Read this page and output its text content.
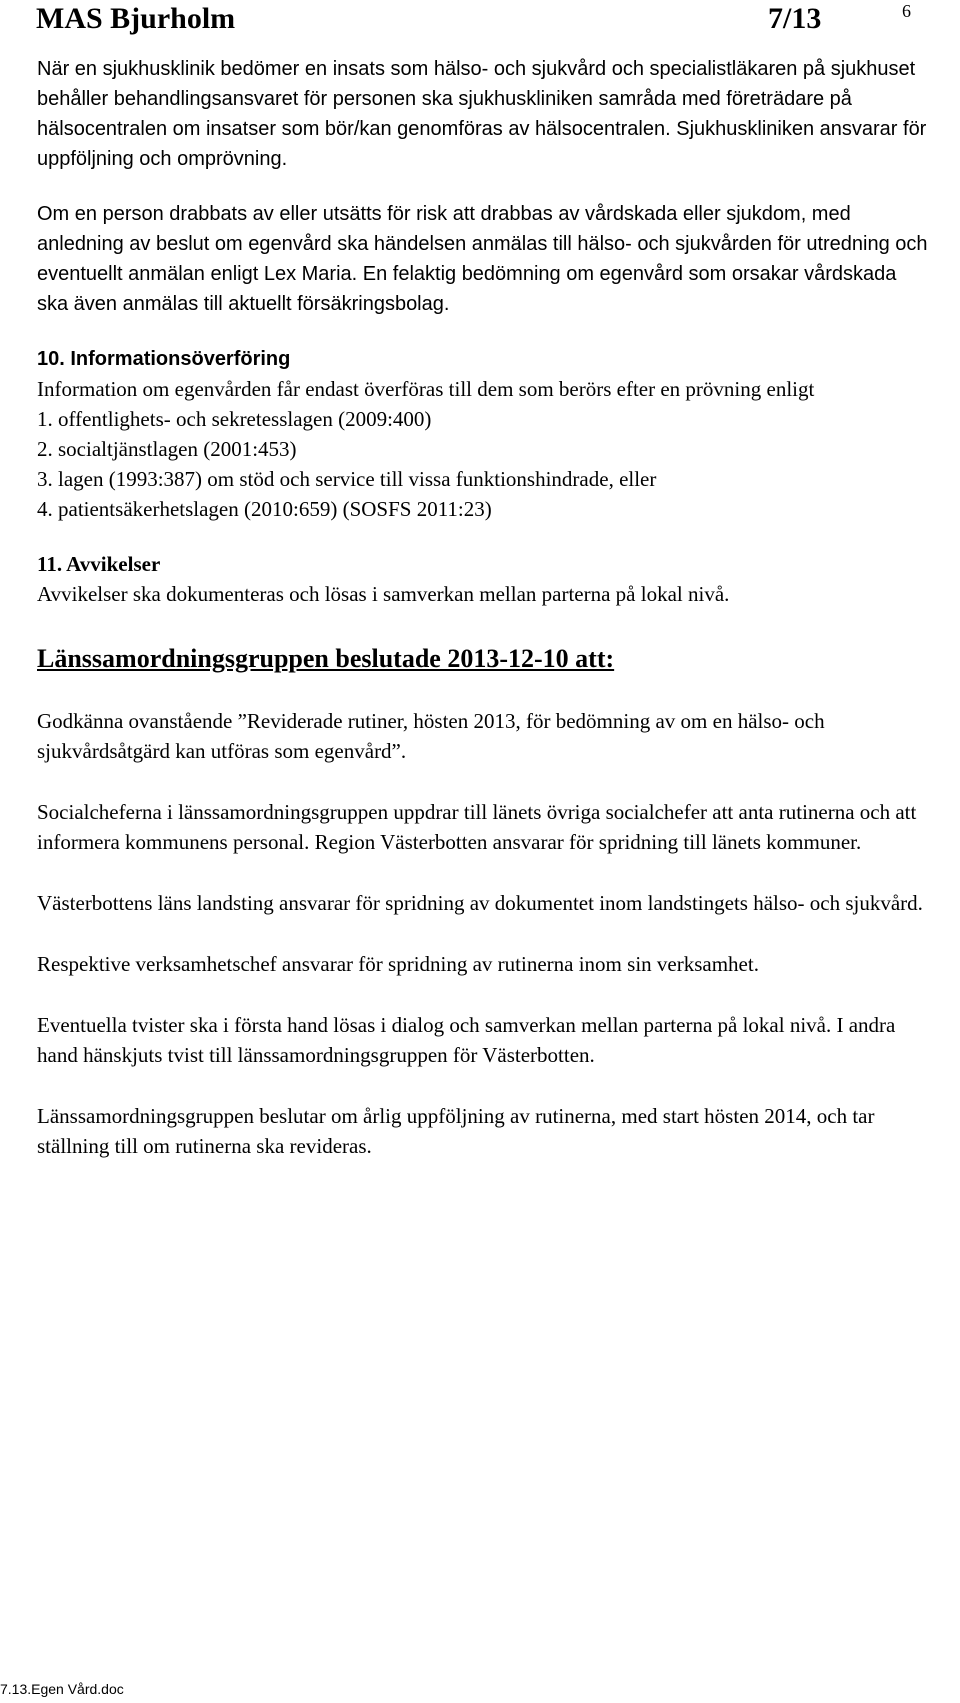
MAS Bjurholm	7/13	6

När en sjukhusklinik bedömer en insats som hälso- och sjukvård och specialistläkaren på sjukhuset behåller behandlingsansvaret för personen ska sjukhuskliniken samråda med företrädare på hälsocentralen om insatser som bör/kan genomföras av hälsocentralen. Sjukhuskliniken ansvarar för uppföljning och omprövning.

Om en person drabbats av eller utsätts för risk att drabbas av vårdskada eller sjukdom, med anledning av beslut om egenvård ska händelsen anmälas till hälso- och sjukvården för utredning och eventuellt anmälan enligt Lex Maria. En felaktig bedömning om egenvård som orsakar vårdskada ska även anmälas till aktuellt försäkringsbolag.

10. Informationsöverföring

Information om egenvården får endast överföras till dem som berörs efter en prövning enligt

1. offentlighets- och sekretesslagen (2009:400)
2. socialtjänstlagen (2001:453)
3. lagen (1993:387) om stöd och service till vissa funktionshindrade, eller
4. patientsäkerhetslagen (2010:659) (SOSFS 2011:23)

11. Avvikelser

Avvikelser ska dokumenteras och lösas i samverkan mellan parterna på lokal nivå.

Länssamordningsgruppen beslutade 2013-12-10 att:

Godkänna ovanstående ”Reviderade rutiner, hösten 2013, för bedömning av om en hälso- och sjukvårdsåtgärd kan utföras som egenvård”.

Socialcheferna i länssamordningsgruppen uppdrar till länets övriga socialchefer att anta rutinerna och att informera kommunens personal. Region Västerbotten ansvarar för spridning till länets kommuner.

Västerbottens läns landsting ansvarar för spridning av dokumentet inom landstingets hälso- och sjukvård.

Respektive verksamhetschef ansvarar för spridning av rutinerna inom sin verksamhet.

Eventuella tvister ska i första hand lösas i dialog och samverkan mellan parterna på lokal nivå. I andra hand hänskjuts tvist till länssamordningsgruppen för Västerbotten.

Länssamordningsgruppen beslutar om årlig uppföljning av rutinerna, med start hösten 2014, och tar ställning till om rutinerna ska revideras.

7.13.Egen Vård.doc
